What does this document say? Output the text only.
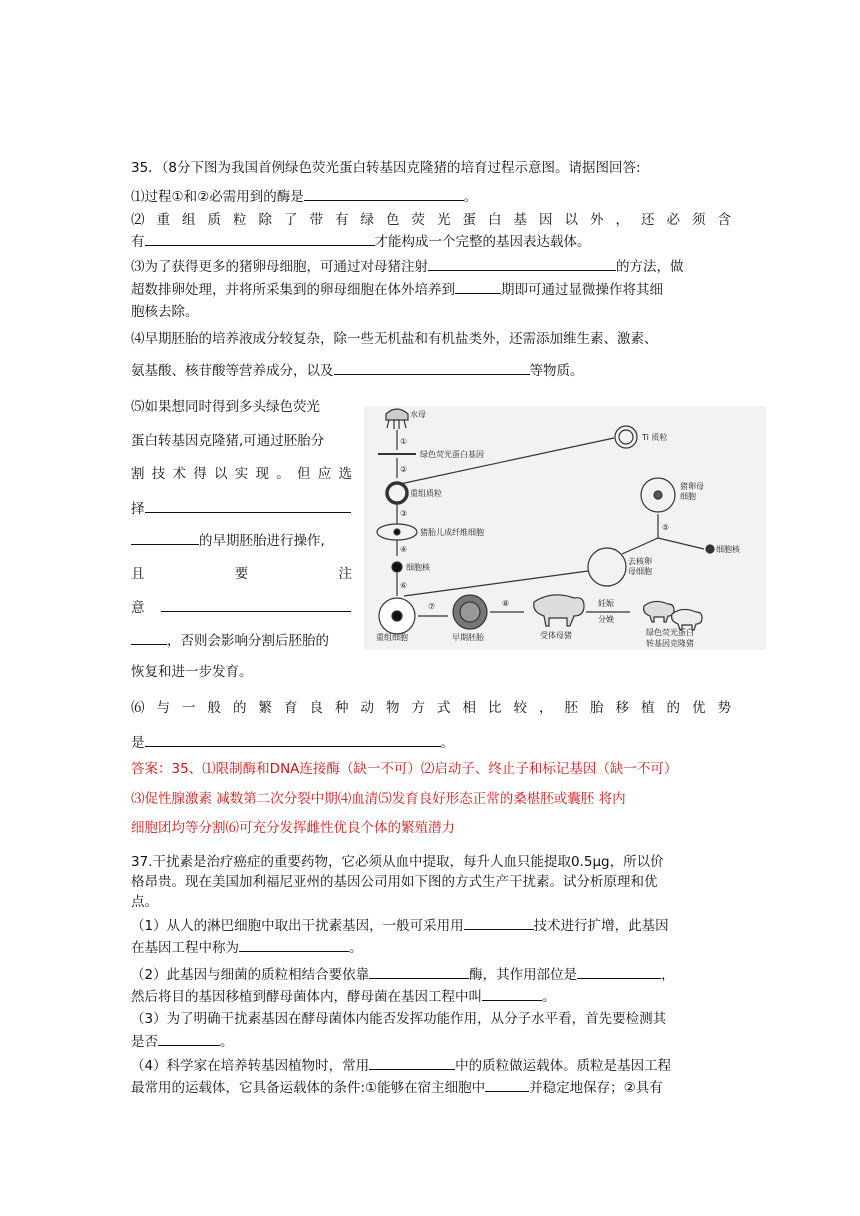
35．（8分下图为我国首例绿色荧光蛋白转基因克隆猪的培育过程示意图。请据图回答:
⑴过程①和②必需用到的酶是	。
⑵ 重 组 质 粒 除 了 带 有 绿 色 荧 光 蛋 白 基 因 以 外 ， 还 必 须 含
有	才能构成一个完整的基因表达载体。
⑶为了获得更多的猪卵母细胞，可通过对母猪注射	的方法，做
超数排卵处理，并将所采集到的卵母细胞在体外培养到	期即可通过显微操作将其细
胞核去除。
⑷早期胚胎的培养液成分较复杂，除一些无机盐和有机盐类外，还需添加维生素、激素、
氨基酸、核苷酸等营养成分，以及	等物质。
⑸如果想同时得到多头绿色荧光
蛋白转基因克隆猪,可通过胚胎分
割 技 术 得 以 实 现 。 但 应 选
择
的早期胚胎进行操作,
且	要	注
意
，否则会影响分割后胚胎的
恢复和进一步发育。
水母
绿色荧光蛋白基因
Ti 质粒
重组质粒
猪胎儿成纤维细胞
细胞核
猪卵母
细胞
细胞核
去核卵
母细胞
重组细胞	早期胚胎	受体母猪
妊娠
分娩
绿色荧光蛋白
转基因克隆猪
①
②
③
④
⑤
⑥
⑦	⑧
⑹ 与 一 般 的 繁 育 良 种 动 物 方 式 相 比 较 ， 胚 胎 移 植 的 优 势
是	。
答案：35、⑴限制酶和DNA连接酶（缺一不可）⑵启动子、终止子和标记基因（缺一不可）
⑶促性腺激素 减数第二次分裂中期⑷血清⑸发育良好形态正常的桑椹胚或囊胚 将内
细胞团均等分割⑹可充分发挥雌性优良个体的繁殖潜力
37.干扰素是治疗癌症的重要药物，它必须从血中提取，每升人血只能提取0.5μg，所以价
格昂贵。现在美国加利福尼亚州的基因公司用如下图的方式生产干扰素。试分析原理和优
点。
（1）从人的淋巴细胞中取出干扰素基因，一般可采用用	技术进行扩增，此基因
在基因工程中称为	。
（2）此基因与细菌的质粒相结合要依靠	酶，其作用部位是	，
然后将目的基因移植到酵母菌体内，酵母菌在基因工程中叫	。
（3）为了明确干扰素基因在酵母菌体内能否发挥功能作用，从分子水平看，首先要检测其
是否	。
（4）科学家在培养转基因植物时，常用	中的质粒做运载体。质粒是基因工程
最常用的运载体，它具备运载体的条件:①能够在宿主细胞中	并稳定地保存；②具有
